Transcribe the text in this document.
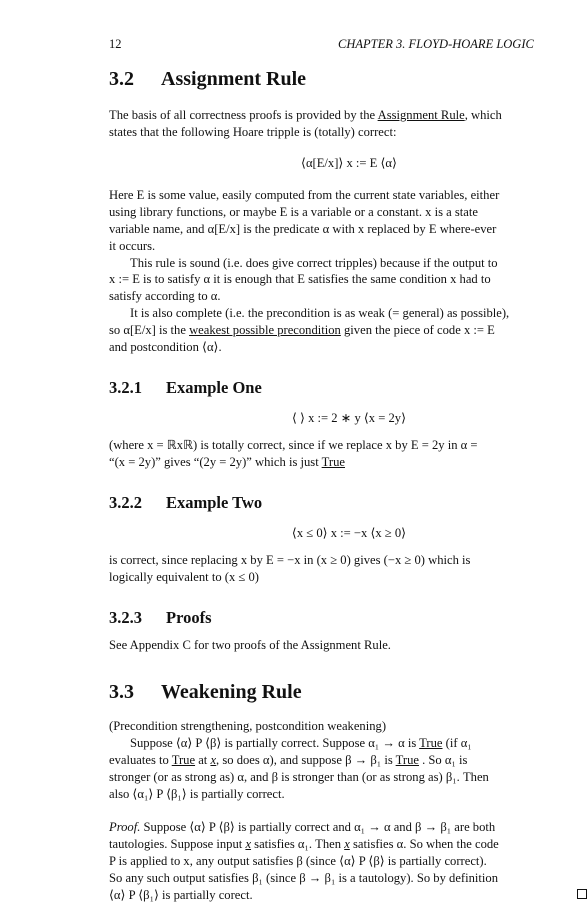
12	CHAPTER 3. FLOYD-HOARE LOGIC
3.2 Assignment Rule
The basis of all correctness proofs is provided by the Assignment Rule, which
states that the following Hoare tripple is (totally) correct:
⟨α[E/x]⟩ x := E ⟨α⟩
Here E is some value, easily computed from the current state variables, either
using library functions, or maybe E is a variable or a constant. x is a state
variable name, and α[E/x] is the predicate α with x replaced by E where-ever
it occurs.
This rule is sound (i.e. does give correct tripples) because if the output to
x := E is to satisfy α it is enough that E satisfies the same condition x had to
satisfy according to α.
It is also complete (i.e. the precondition is as weak (= general) as possible),
so α[E/x] is the weakest possible precondition given the piece of code x := E
and postcondition ⟨α⟩.
3.2.1 Example One
⟨ ⟩ x := 2 ∗ y ⟨x = 2y⟩
(where x = ℝxℝ) is totally correct, since if we replace x by E = 2y in α =
“(x = 2y)” gives “(2y = 2y)” which is just True
3.2.2 Example Two
⟨x ≤ 0⟩ x := −x ⟨x ≥ 0⟩
is correct, since replacing x by E = −x in (x ≥ 0) gives (−x ≥ 0) which is
logically equivalent to (x ≤ 0)
3.2.3 Proofs
See Appendix C for two proofs of the Assignment Rule.
3.3 Weakening Rule
(Precondition strengthening, postcondition weakening)
Suppose ⟨α⟩ P ⟨β⟩ is partially correct. Suppose α₁ → α is True (if α₁
evaluates to True at x, so does α), and suppose β → β₁ is True . So α₁ is
stronger (or as strong as) α, and β is stronger than (or as strong as) β₁. Then
also ⟨α₁⟩ P ⟨β₁⟩ is partially correct.
Proof. Suppose ⟨α⟩ P ⟨β⟩ is partially correct and α₁ → α and β → β₁ are both
tautologies. Suppose input x satisfies α₁. Then x satisfies α. So when the code
P is applied to x, any output satisfies β (since ⟨α⟩ P ⟨β⟩ is partially correct).
So any such output satisfies β₁ (since β → β₁ is a tautology). So by definition
⟨α⟩ P ⟨β₁⟩ is partially corect.
